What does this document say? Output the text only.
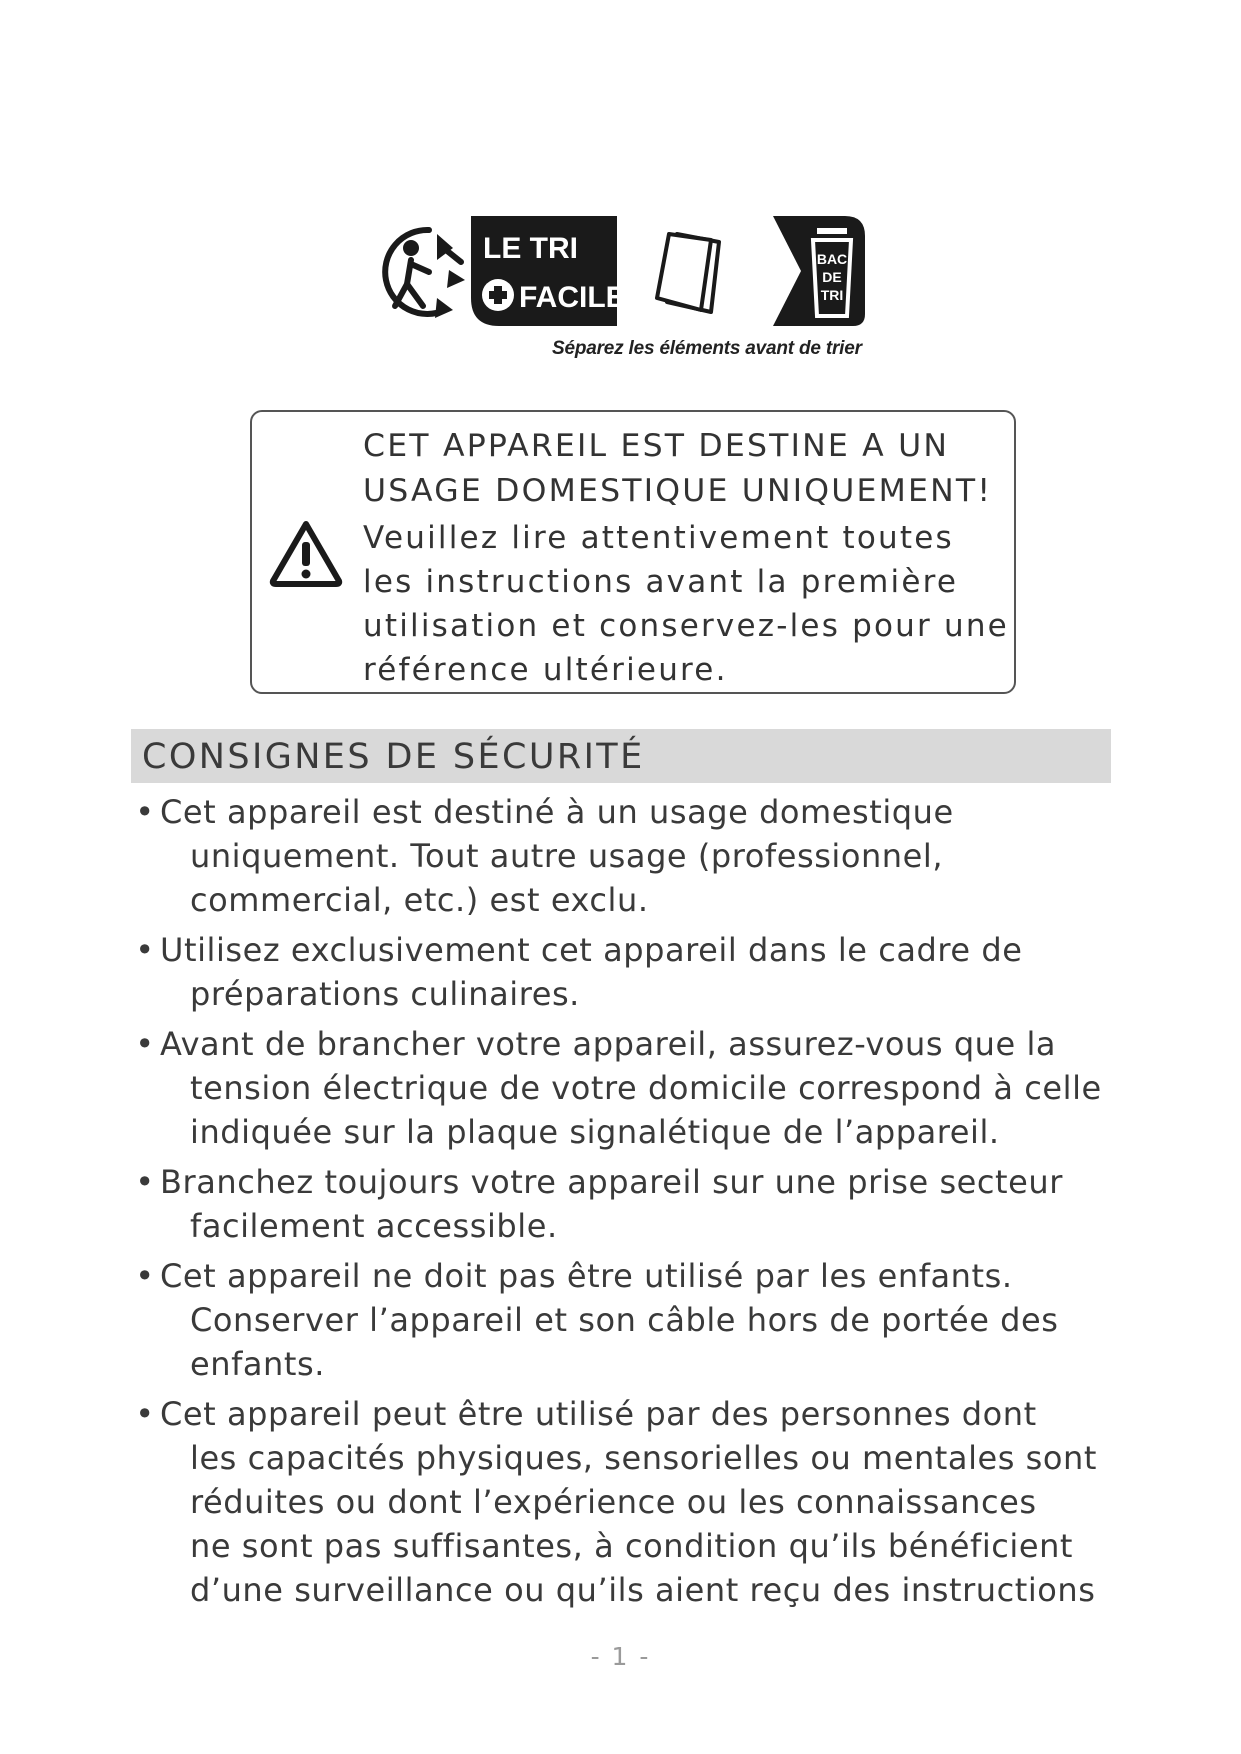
LE TRI
FACILE
BAC
DE
TRI
Séparez les éléments avant de trier
CET APPAREIL EST DESTINE A UN
USAGE DOMESTIQUE UNIQUEMENT!
Veuillez lire attentivement toutes
les instructions avant la première
utilisation et conservez-les pour une
référence ultérieure.
CONSIGNES DE SÉCURITÉ
• Cet appareil est destiné à un usage domestique
uniquement. Tout autre usage (professionnel,
commercial, etc.) est exclu.
• Utilisez exclusivement cet appareil dans le cadre de
préparations culinaires.
• Avant de brancher votre appareil, assurez-vous que la
tension électrique de votre domicile correspond à celle
indiquée sur la plaque signalétique de l’appareil.
• Branchez toujours votre appareil sur une prise secteur
facilement accessible.
• Cet appareil ne doit pas être utilisé par les enfants.
Conserver l’appareil et son câble hors de portée des
enfants.
• Cet appareil peut être utilisé par des personnes dont
les capacités physiques, sensorielles ou mentales sont
réduites ou dont l’expérience ou les connaissances
ne sont pas suffisantes, à condition qu’ils bénéficient
d’une surveillance ou qu’ils aient reçu des instructions
- 1 -
